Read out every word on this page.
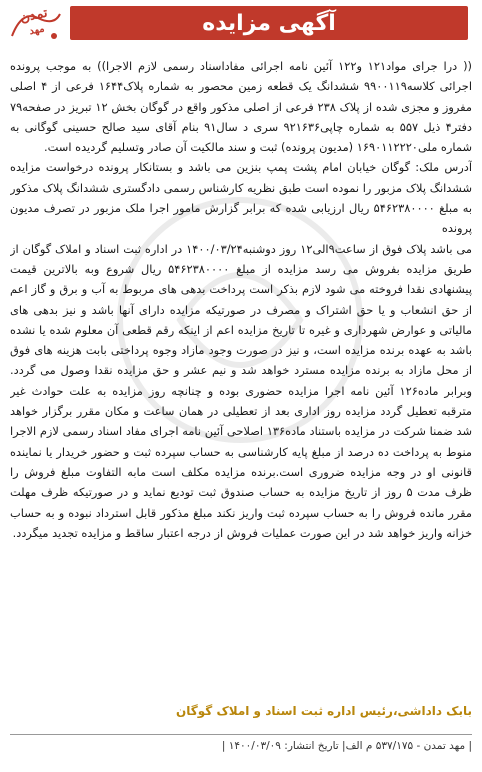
تمدن
مهد	آگهی مزایده

(( درا جرای مواد۱۲۱ و۱۲۲ آئین نامه اجرائی مفاداسناد رسمی لازم الاجرا)) به موجب پرونده اجرائی کلاسه۹۹۰۰۱۱۹ ششدانگ یک قطعه زمین محصور به شماره پلاک۱۶۴۴ فرعی از ۴ اصلی مفروز و مجزی شده از پلاک ۲۳۸ فرعی از اصلی مذکور واقع در گوگان بخش ۱۲ تبریز در صفحه۷۹ دفتر۴ ذیل ۵۵۷ به شماره چاپی۹۲۱۶۳۶ سری د سال۹۱ بنام آقای سید صالح حسینی گوگانی به شماره ملی۱۶۹۰۱۱۲۲۲۰ (مدیون پرونده) ثبت و سند مالکیت آن صادر وتسلیم گردیده است.

آدرس ملک: گوگان خیابان امام پشت پمپ بنزین می باشد و بستانکار پرونده درخواست مزایده ششدانگ پلاک مزبور را نموده است طبق نظریه کارشناس رسمی دادگستری ششدانگ پلاک مذکور به مبلغ ۵۴۶۲۳۸۰۰۰۰ ریال ارزیابی شده که برابر گزارش مامور اجرا ملک مزبور در تصرف مدیون پرونده

می باشد پلاک فوق از ساعت۹الی۱۲ روز دوشنبه۱۴۰۰/۰۳/۲۴ در اداره ثبت اسناد و املاک گوگان از طریق مزایده بفروش می رسد مزایده از مبلغ ۵۴۶۲۳۸۰۰۰۰ ریال شروع وبه بالاترین قیمت پیشنهادی نقدا فروخته می شود لازم بذکر است پرداخت بدهی های مربوط به آب و برق و گاز اعم از حق انشعاب و یا حق اشتراک و مصرف در صورتیکه مزایده دارای آنها باشد و نیز بدهی های مالیاتی و عوارض شهرداری و غیره تا تاریخ مزایده اعم از اینکه رقم قطعی آن معلوم شده یا نشده باشد به عهده برنده مزایده است، و نیز در صورت وجود مازاد وجوه پرداختی بابت هزینه های فوق از محل مازاد به برنده مزایده مسترد خواهد شد و نیم عشر و حق مزایده نقدا وصول می گردد. وبرابر ماده۱۲۶ آئین نامه اجرا مزایده حضوری بوده و چنانچه روز مزایده به علت حوادث غیر مترقبه تعطیل گردد مزایده روز اداری بعد از تعطیلی در همان ساعت و مکان مقرر برگزار خواهد شد ضمنا شرکت در مزایده باستناد ماده۱۳۶ اصلاحی آئین نامه اجرای مفاد اسناد رسمی لازم الاجرا منوط به پرداخت ده درصد از مبلغ پایه کارشناسی به حساب سپرده ثبت و حضور خریدار یا نماینده قانونی او در وجه مزایده ضروری است.برنده مزایده مکلف است مابه التفاوت مبلغ فروش را ظرف مدت ۵ روز از تاریخ مزایده به حساب صندوق ثبت تودیع نماید و در صورتیکه ظرف مهلت مقرر مانده فروش را به حساب سپرده ثبت واریز نکند مبلغ مذکور قابل استرداد نبوده و به حساب خزانه واریز خواهد شد در این صورت عملیات فروش از درجه اعتبار ساقط و مزایده تجدید میگردد.

بابک داداشی،رئیس اداره ثبت اسناد و املاک گوگان
| مهد تمدن - ۵۳۷/۱۷۵ م الف| تاریخ انتشار: ۱۴۰۰/۰۳/۰۹ |
